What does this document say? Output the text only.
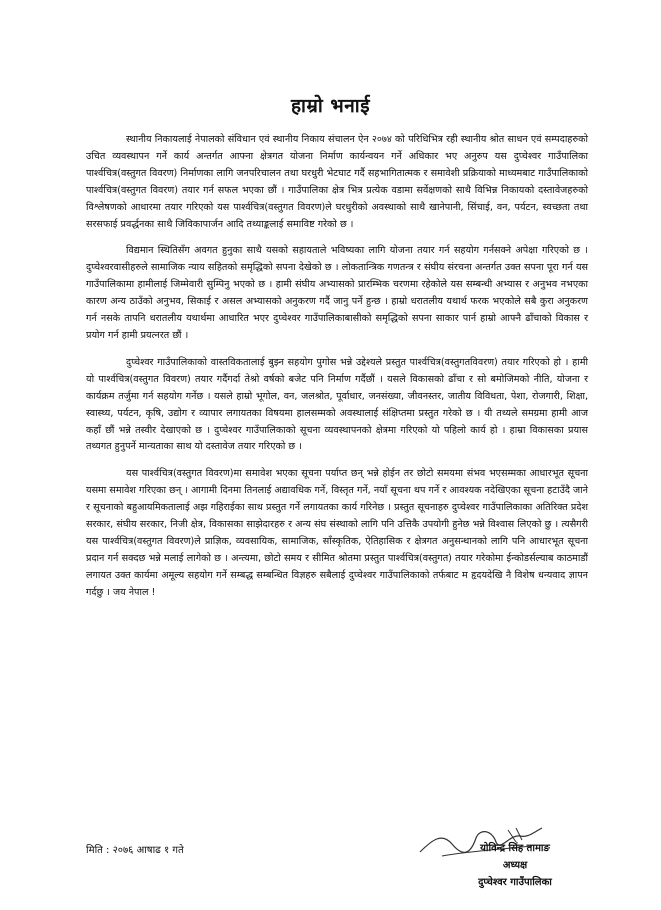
हाम्रो भनाई

स्थानीय निकायलाई नेपालको संविधान एवं स्थानीय निकाय संचालन ऐन २०७४ को परिधिभित्र रही स्थानीय श्रोत साधन एवं सम्पदाहरुको उचित व्यवस्थापन गर्ने कार्य अन्तर्गत आफ्ना क्षेत्रगत योजना निर्माण कार्यन्वयन गर्ने अधिकार भए अनुरुप यस दुप्चेश्वर गाउँपालिका पार्श्वचित्र(वस्तुगत विवरण) निर्माणका लागि जनपरिचालन तथा घरधुरी भेटघाट गर्दै सहभागितात्मक र समावेशी प्रक्रियाको माध्यमबाट गाउँपालिकाको पार्श्वचित्र(वस्तुगत विवरण) तयार गर्न सफल भएका छौं । गाउँपालिका क्षेत्र भित्र प्रत्येक वडामा सर्वेक्षणको साथै विभिन्न निकायको दस्तावेजहरुको विश्लेषणको आधारमा तयार गरिएको यस पार्श्वचित्र(वस्तुगत विवरण)ले घरधुरीको अवस्थाको साथै खानेपानी, सिंचाई, वन, पर्यटन, स्वच्छता तथा सरसफाई प्रवर्द्धनका साथै जिविकापार्जन आदि तथ्याङ्कलाई समाविष्ट गरेको छ ।

विद्यमान स्थितिसँग अवगत हुनुका साथै यसको सहायताले भविष्यका लागि योजना तयार गर्न सहयोग गर्नसक्ने अपेक्षा गरिएको छ । दुप्चेश्वरवासीहरुले सामाजिक न्याय सहितको समृद्धिको सपना देखेको छ । लोकतान्त्रिक गणतन्त्र र संघीय संरचना अन्तर्गत उक्त सपना पूरा गर्न यस गाउँपालिकामा हामीलाई जिम्मेवारी सुम्पिनु भएको छ । हामी संघीय अभ्यासको प्रारम्भिक चरणमा रहेकोले यस सम्बन्धी अभ्यास र अनुभव नभएका कारण अन्य ठाउँको अनुभव, सिकाई र असल अभ्यासको अनुकरण गर्दै जानु पर्ने हुन्छ । हाम्रो धरातलीय यथार्थ फरक भएकोले सबै कुरा अनुकरण गर्न नसके तापनि धरातलीय यथार्थमा आधारित भएर दुप्चेश्वर गाउँपालिकाबासीको समृद्धिको सपना साकार पार्न हाम्रो आफ्नै ढाँचाको विकास र प्रयोग गर्न हामी प्रयत्नरत छौं ।

दुप्चेश्वर गाउँपालिकाको वास्तविकतालाई बुझ्न सहयोग पुगोस भन्ने उद्देश्यले प्रस्तुत पार्श्वचित्र(वस्तुगतविवरण) तयार गरिएको हो । हामी यो पार्श्वचित्र(वस्तुगत विवरण) तयार गर्दैगर्दा तेश्रो वर्षको बजेट पनि निर्माण गर्दैछौं । यसले विकासको ढाँचा र सो बमोजिमको नीति, योजना र कार्यक्रम तर्जुमा गर्न सहयोग गर्नेछ । यसले हाम्रो भूगोल, वन, जलश्रोत, पूर्वाधार, जनसंख्या, जीवनस्तर, जातीय विविधता, पेशा, रोजगारी, शिक्षा, स्वास्थ्य, पर्यटन, कृषि, उद्योग र व्यापार लगायतका विषयमा हालसम्मको अवस्थालाई संक्षिप्तमा प्रस्तुत गरेको छ । यी तथ्यले समग्रमा हामी आज कहाँ छौं भन्ने तस्वीर देखाएको छ । दुप्चेश्वर गाउँपालिकाको सूचना व्यवस्थापनको क्षेत्रमा गरिएको यो पहिलो कार्य हो । हाम्रा विकासका प्रयास तथ्यगत हुनुपर्ने मान्यताका साथ यो दस्तावेज तयार गरिएको छ ।

यस पार्श्वचित्र(वस्तुगत विवरण)मा समावेश भएका सूचना पर्याप्त छन् भन्ने होईन तर छोटो समयमा संभव भएसम्मका आधारभूत सूचना यसमा समावेश गरिएका छन् । आगामी दिनमा तिनलाई अद्यावधिक गर्ने, विस्तृत गर्ने, नयाँ सूचना थप गर्ने र आवश्यक नदेखिएका सूचना हटाउँदै जाने र सूचनाको बहुआयमिकतालाई अझ गहिराईका साथ प्रस्तुत गर्ने लगायतका कार्य गरिनेछ । प्रस्तुत सूचनाहरु दुप्चेश्वर गाउँपालिकाका अतिरिक्त प्रदेश सरकार, संघीय सरकार, निजी क्षेत्र, विकासका साझेदारहरु र अन्य संघ संस्थाको लागि पनि उत्तिकै उपयोगी हुनेछ भन्ने विश्वास लिएको छु । त्यसैगरी यस पार्श्वचित्र(वस्तुगत विवरण)ले प्राज्ञिक, व्यवसायिक, सामाजिक, साँस्कृतिक, ऐतिहासिक र क्षेत्रगत अनुसन्धानको लागि पनि आधारभूत सूचना प्रदान गर्न सक्दछ भन्ने मलाई लागेको छ । अन्त्यमा, छोटो समय र सीमित श्रोतमा प्रस्तुत पार्श्वचित्र(वस्तुगत) तयार गरेकोमा ईन्कोडर्सल्याब काठमाडौं लगायत उक्त कार्यमा अमूल्य सहयोग गर्ने सम्बद्ध सम्बन्धित विज्ञहरु सबैलाई दुप्चेश्वर गाउँपालिकाको तर्फबाट म हृदयदेखि नै विशेष धन्यवाद ज्ञापन गर्दछु । जय नेपाल !

मिति : २०७६ आषाढ १ गते	योविन्द्र सिंह तामाङ
अध्यक्ष
दुप्चेश्वर गाउँपालिका
